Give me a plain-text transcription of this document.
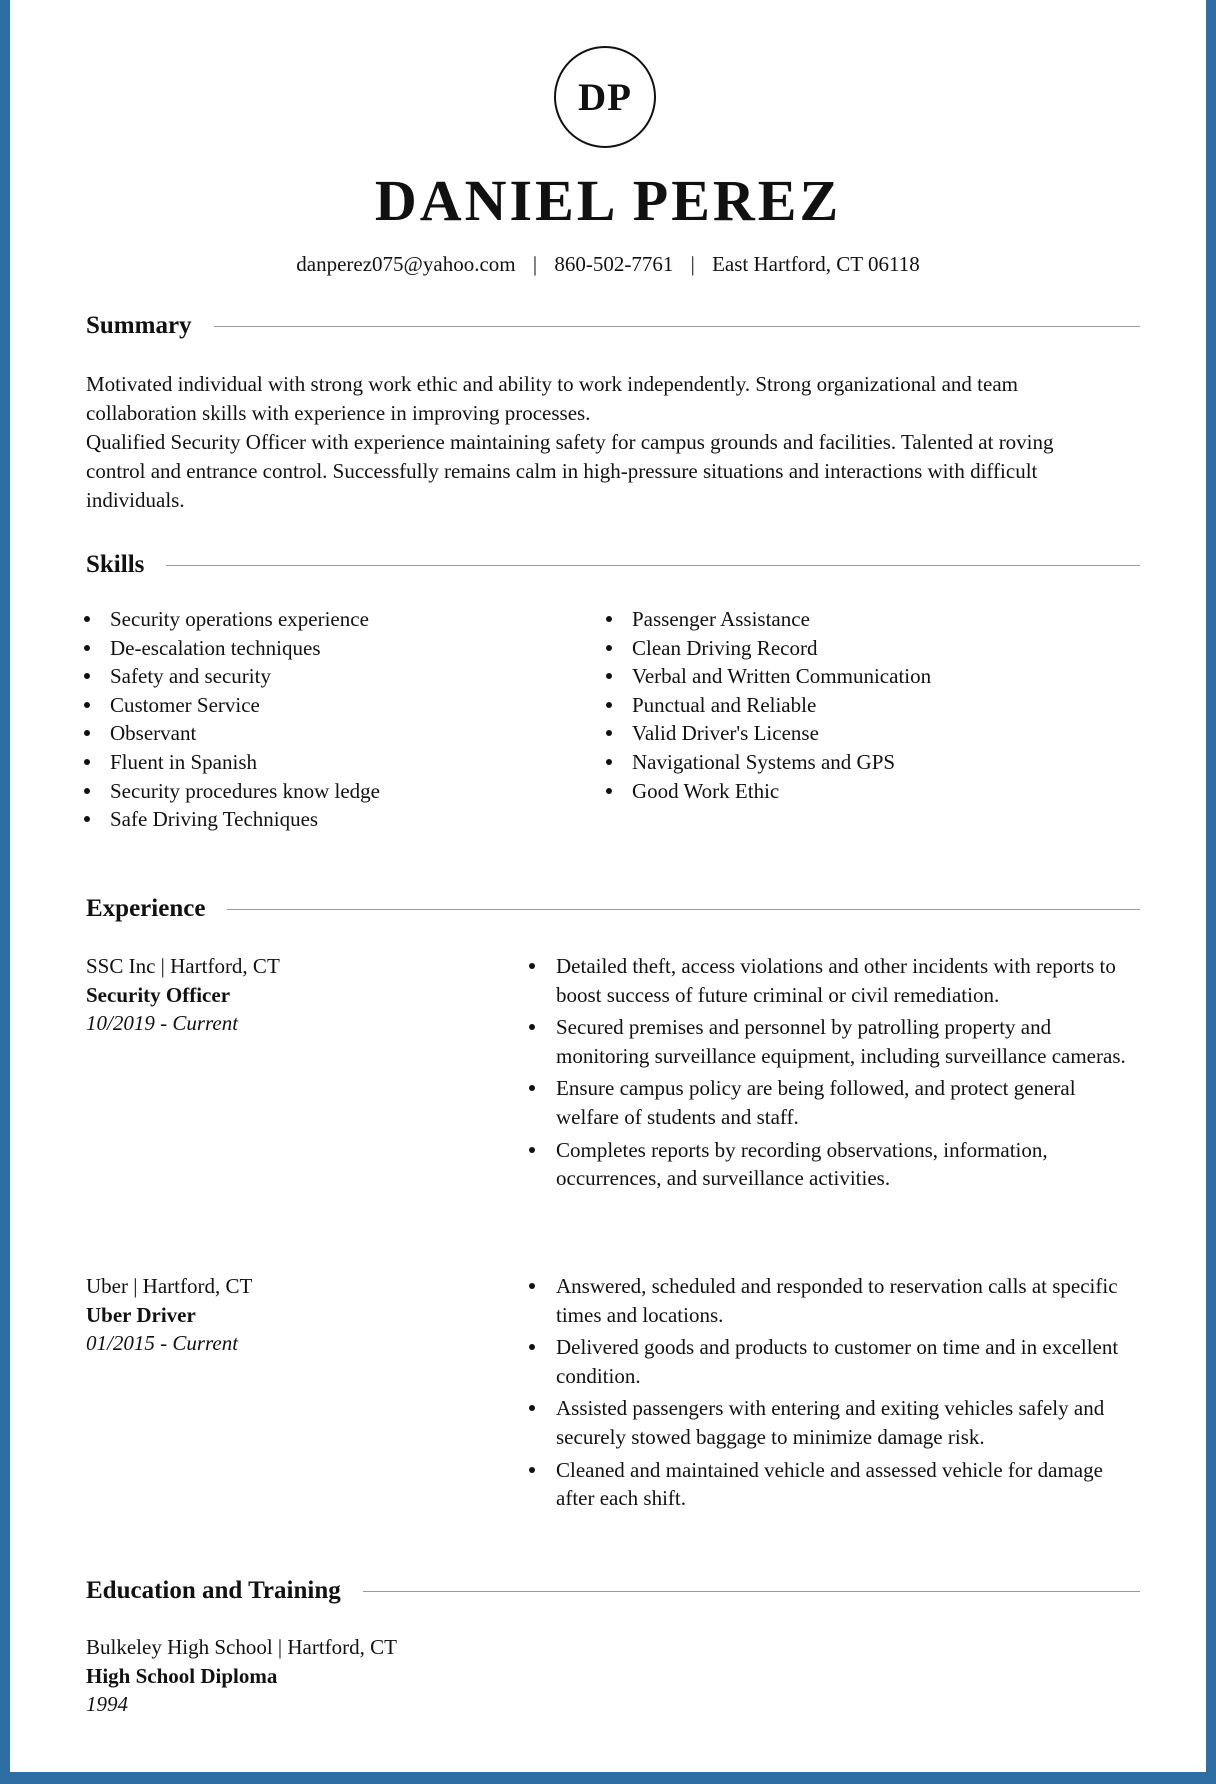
DP
DANIEL PEREZ
danperez075@yahoo.com | 860-502-7761 | East Hartford, CT 06118
Summary

Motivated individual with strong work ethic and ability to work independently. Strong organizational and team collaboration skills with experience in improving processes.

Qualified Security Officer with experience maintaining safety for campus grounds and facilities. Talented at roving control and entrance control. Successfully remains calm in high-pressure situations and interactions with difficult individuals.

Skills
Security operations experience
De-escalation techniques
Safety and security
Customer Service
Observant
Fluent in Spanish
Security procedures know ledge
Safe Driving Techniques
Passenger Assistance
Clean Driving Record
Verbal and Written Communication
Punctual and Reliable
Valid Driver's License
Navigational Systems and GPS
Good Work Ethic
Experience
SSC Inc | Hartford, CT
Security Officer
10/2019 - Current
Detailed theft, access violations and other incidents with reports to boost success of future criminal or civil remediation.
Secured premises and personnel by patrolling property and monitoring surveillance equipment, including surveillance cameras.
Ensure campus policy are being followed, and protect general welfare of students and staff.
Completes reports by recording observations, information, occurrences, and surveillance activities.
Uber | Hartford, CT
Uber Driver
01/2015 - Current
Answered, scheduled and responded to reservation calls at specific times and locations.
Delivered goods and products to customer on time and in excellent condition.
Assisted passengers with entering and exiting vehicles safely and securely stowed baggage to minimize damage risk.
Cleaned and maintained vehicle and assessed vehicle for damage after each shift.
Education and Training
Bulkeley High School | Hartford, CT
High School Diploma
1994
